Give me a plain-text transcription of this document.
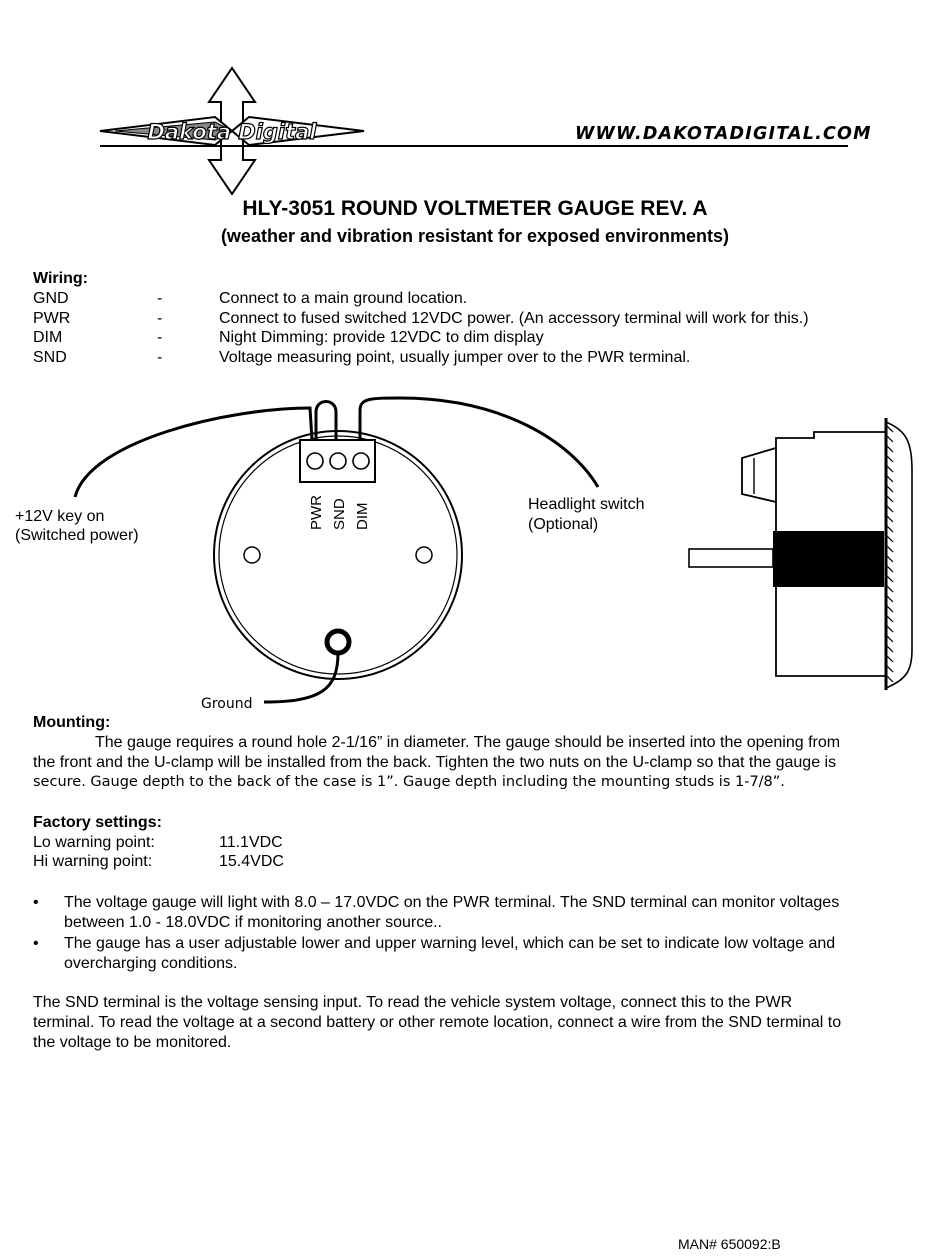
Dakota Digital	WWW.DAKOTADIGITAL.COM
HLY-3051 ROUND VOLTMETER GAUGE REV. A
(weather and vibration resistant for exposed environments)
Wiring:
GND	-	Connect to a main ground location.
PWR	-	Connect to fused switched 12VDC power. (An accessory terminal will work for this.)
DIM	-	Night Dimming: provide 12VDC to dim display
SND	-	Voltage measuring point, usually jumper over to the PWR terminal.
PWR SND DIM
+12V key on
(Switched power)
Headlight switch
(Optional)
Ground
Mounting:
The gauge requires a round hole 2-1/16” in diameter. The gauge should be inserted into the opening from
the front and the U-clamp will be installed from the back. Tighten the two nuts on the U-clamp so that the gauge is
secure. Gauge depth to the back of the case is 1”. Gauge depth including the mounting studs is 1-7/8”.
Factory settings:
Lo warning point:	11.1VDC
Hi warning point:	15.4VDC
• The voltage gauge will light with 8.0 – 17.0VDC on the PWR terminal. The SND terminal can monitor voltages
between 1.0 - 18.0VDC if monitoring another source..
• The gauge has a user adjustable lower and upper warning level, which can be set to indicate low voltage and
overcharging conditions.
The SND terminal is the voltage sensing input. To read the vehicle system voltage, connect this to the PWR
terminal. To read the voltage at a second battery or other remote location, connect a wire from the SND terminal to
the voltage to be monitored.
MAN# 650092:B
